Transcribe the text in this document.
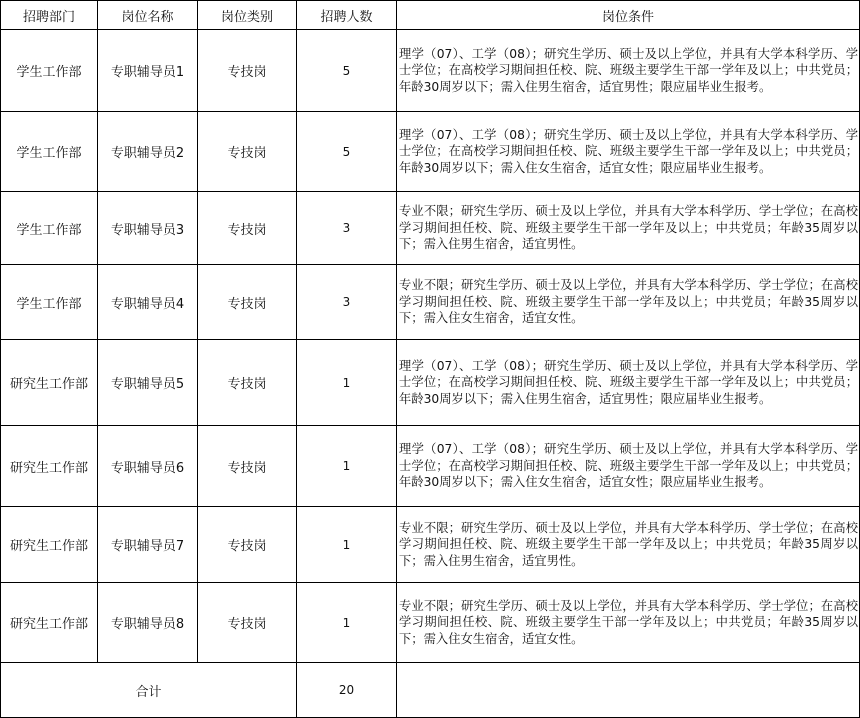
招聘部门	岗位名称	岗位类别	招聘人数	岗位条件
学生工作部	专职辅导员1	专技岗	5	理学（07）、工学（08）；研究生学历、硕士及以上学位，并具有大学本科学历、学士学位；在高校学习期间担任校、院、班级主要学生干部一学年及以上；中共党员；年龄30周岁以下；需入住男生宿舍，适宜男性；限应届毕业生报考。
学生工作部	专职辅导员2	专技岗	5	理学（07）、工学（08）；研究生学历、硕士及以上学位，并具有大学本科学历、学士学位；在高校学习期间担任校、院、班级主要学生干部一学年及以上；中共党员；年龄30周岁以下；需入住女生宿舍，适宜女性；限应届毕业生报考。
学生工作部	专职辅导员3	专技岗	3	专业不限；研究生学历、硕士及以上学位，并具有大学本科学历、学士学位；在高校学习期间担任校、院、班级主要学生干部一学年及以上；中共党员；年龄35周岁以下；需入住男生宿舍，适宜男性。
学生工作部	专职辅导员4	专技岗	3	专业不限；研究生学历、硕士及以上学位，并具有大学本科学历、学士学位；在高校学习期间担任校、院、班级主要学生干部一学年及以上；中共党员；年龄35周岁以下；需入住女生宿舍，适宜女性。
研究生工作部	专职辅导员5	专技岗	1	理学（07）、工学（08）；研究生学历、硕士及以上学位，并具有大学本科学历、学士学位；在高校学习期间担任校、院、班级主要学生干部一学年及以上；中共党员；年龄30周岁以下；需入住男生宿舍，适宜男性；限应届毕业生报考。
研究生工作部	专职辅导员6	专技岗	1	理学（07）、工学（08）；研究生学历、硕士及以上学位，并具有大学本科学历、学士学位；在高校学习期间担任校、院、班级主要学生干部一学年及以上；中共党员；年龄30周岁以下；需入住女生宿舍，适宜女性；限应届毕业生报考。
研究生工作部	专职辅导员7	专技岗	1	专业不限；研究生学历、硕士及以上学位，并具有大学本科学历、学士学位；在高校学习期间担任校、院、班级主要学生干部一学年及以上；中共党员；年龄35周岁以下；需入住男生宿舍，适宜男性。
研究生工作部	专职辅导员8	专技岗	1	专业不限；研究生学历、硕士及以上学位，并具有大学本科学历、学士学位；在高校学习期间担任校、院、班级主要学生干部一学年及以上；中共党员；年龄35周岁以下；需入住女生宿舍，适宜女性。
合计			20	
